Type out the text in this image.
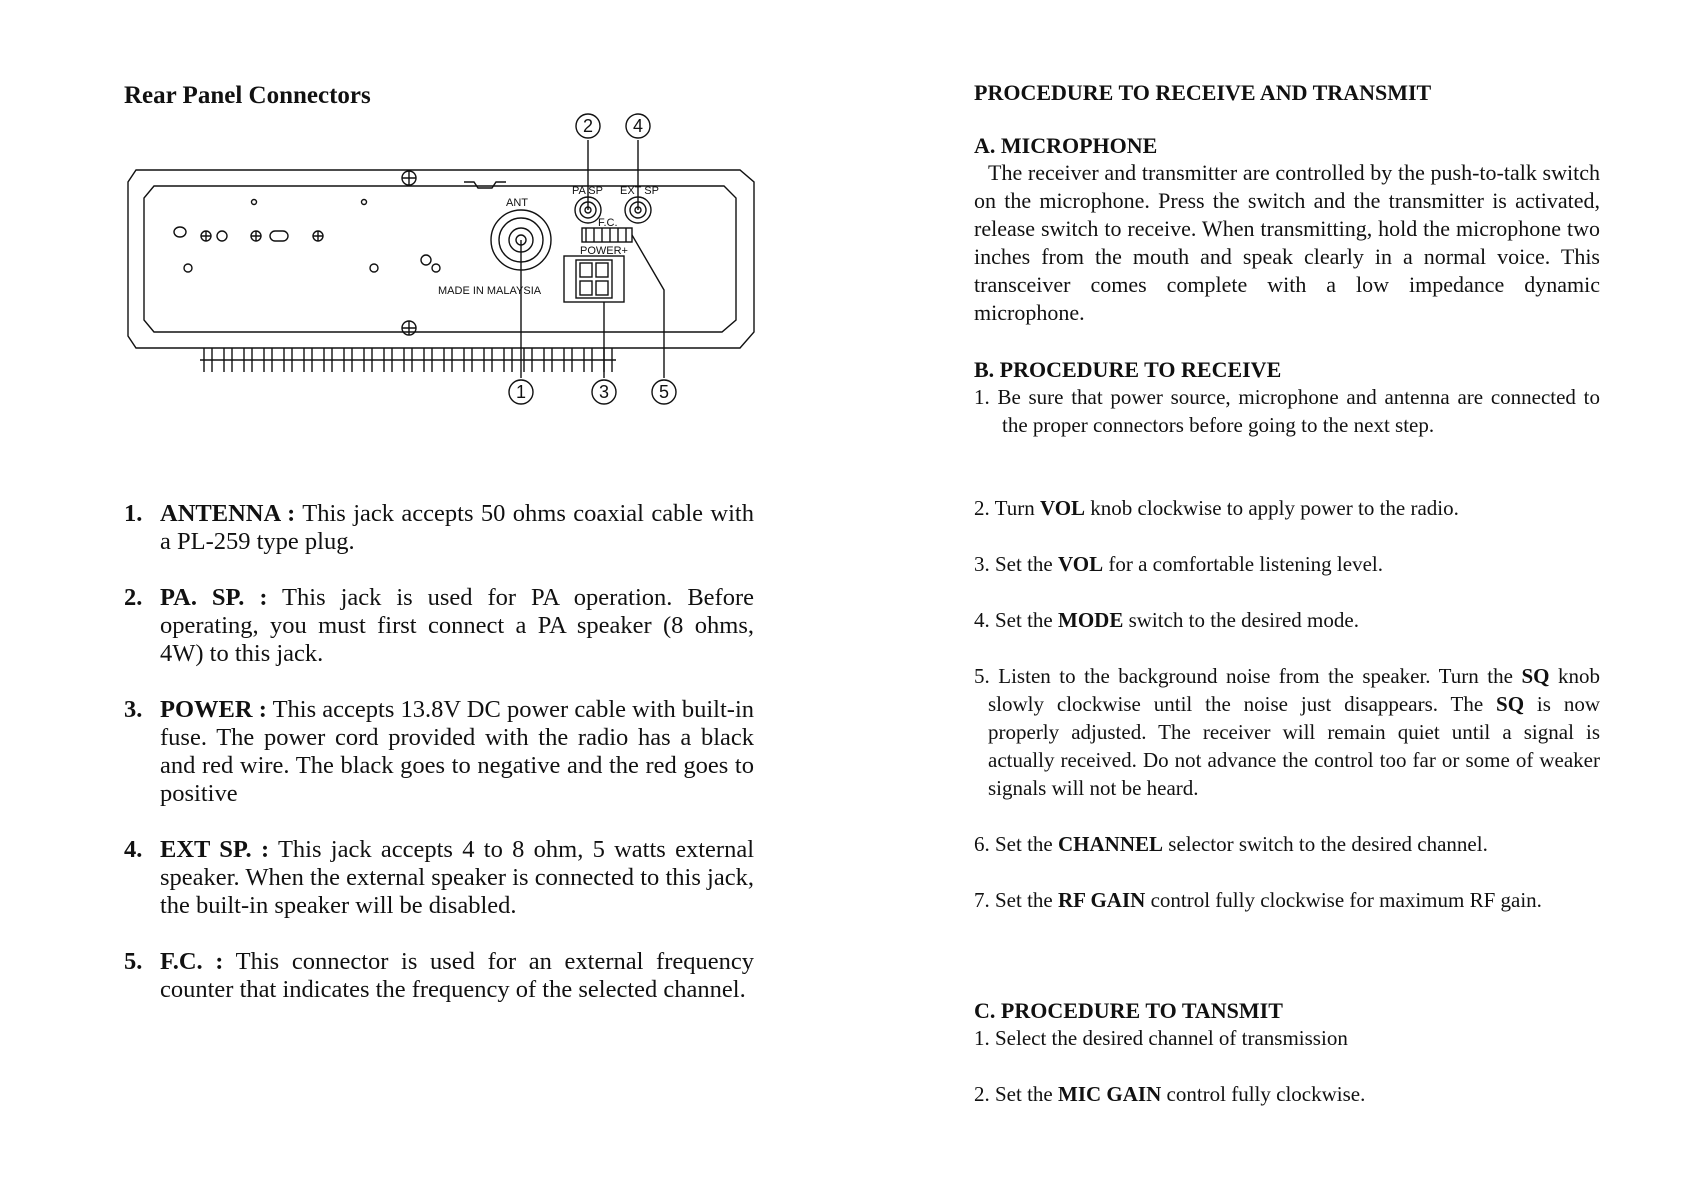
Rear Panel Connectors
2 4
1	3	5
PA SP EXT SP
ANT
F.C.
POWER+
MADE IN MALAYSIA
1. ANTENNA : This jack accepts 50 ohms coaxial cable with a PL-259 type plug.
2. PA. SP. : This jack is used for PA operation. Before operating, you must first connect a PA speaker (8 ohms, 4W) to this jack.
3. POWER : This accepts 13.8V DC power cable with built-in fuse. The power cord provided with the radio has a black and red wire. The black goes to negative and the red goes to positive
4. EXT SP. : This jack accepts 4 to 8 ohm, 5 watts external speaker. When the external speaker is connected to this jack, the built-in speaker will be disabled.
5. F.C. : This connector is used for an external frequency counter that indicates the frequency of the selected channel.
PROCEDURE TO RECEIVE AND TRANSMIT
A. MICROPHONE
The receiver and transmitter are controlled by the push-to-talk switch on the microphone. Press the switch and the transmitter is activated, release switch to receive. When transmitting, hold the microphone two inches from the mouth and speak clearly in a normal voice. This transceiver comes complete with a low impedance dynamic microphone.
B. PROCEDURE TO RECEIVE
1. Be sure that power source, microphone and antenna are connected to the proper connectors before going to the next step.
2. Turn VOL knob clockwise to apply power to the radio.
3. Set the VOL for a comfortable listening level.
4. Set the MODE switch to the desired mode.
5. Listen to the background noise from the speaker. Turn the SQ knob slowly clockwise until the noise just disappears. The SQ is now properly adjusted. The receiver will remain quiet until a signal is actually received. Do not advance the control too far or some of weaker signals will not be heard.
6. Set the CHANNEL selector switch to the desired channel.
7. Set the RF GAIN control fully clockwise for maximum RF gain.
C. PROCEDURE TO TANSMIT
1. Select the desired channel of transmission
2. Set the MIC GAIN control fully clockwise.
